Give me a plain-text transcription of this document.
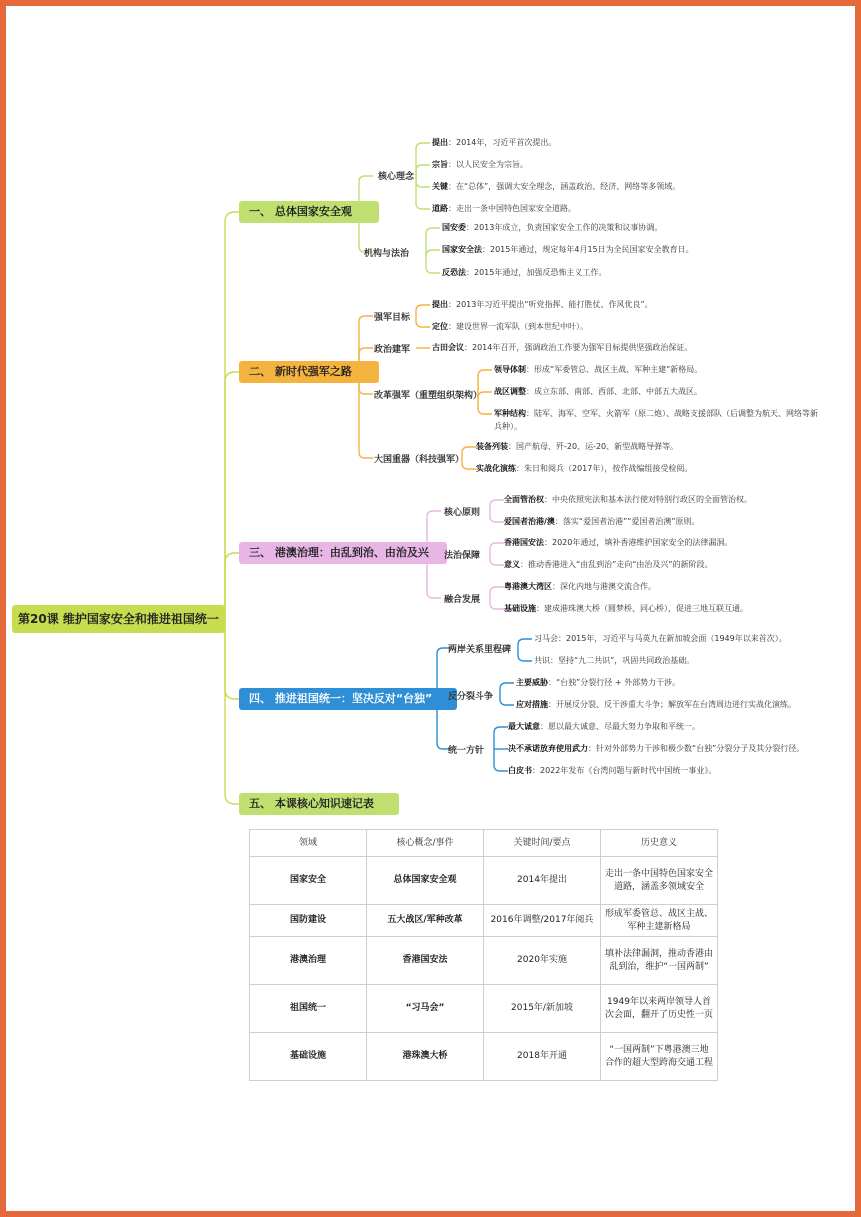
第20课 维护国家安全和推进祖国统一
一、 总体国家安全观
二、 新时代强军之路
三、 港澳治理：由乱到治、由治及兴
四、 推进祖国统一：坚决反对“台独”
五、 本课核心知识速记表
核心理念
提出：2014年，习近平首次提出。
宗旨：以人民安全为宗旨。
关键：在“总体”，强调大安全理念，涵盖政治、经济、网络等多领域。
道路：走出一条中国特色国家安全道路。
机构与法治
国安委：2013年成立，负责国家安全工作的决策和议事协调。
国家安全法：2015年通过，规定每年4月15日为全民国家安全教育日。
反恐法：2015年通过，加强反恐怖主义工作。
强军目标
提出：2013年习近平提出“听党指挥、能打胜仗、作风优良”。
定位：建设世界一流军队（到本世纪中叶）。
政治建军	古田会议：2014年召开，强调政治工作要为强军目标提供坚强政治保证。
改革强军（重塑组织架构）
领导体制：形成“军委管总、战区主战、军种主建”新格局。
战区调整：成立东部、南部、西部、北部、中部五大战区。
军种结构：陆军、海军、空军、火箭军（原二炮）、战略支援部队（后调整为航天、网络等新
兵种）。
大国重器（科技强军）
装备列装：国产航母、歼-20、运-20、新型战略导弹等。
实战化演练：朱日和阅兵（2017年），按作战编组接受检阅。
核心原则
全面管治权：中央依照宪法和基本法行使对特别行政区的全面管治权。
爱国者治港/澳：落实“爱国者治港”“爱国者治澳”原则。
法治保障
香港国安法：2020年通过，填补香港维护国家安全的法律漏洞。
意义：推动香港进入“由乱到治”走向“由治及兴”的新阶段。
融合发展
粤港澳大湾区：深化内地与港澳交流合作。
基础设施：建成港珠澳大桥（圆梦桥、同心桥），促进三地互联互通。
两岸关系里程碑
习马会：2015年，习近平与马英九在新加坡会面（1949年以来首次）。
共识：坚持“九二共识”，巩固共同政治基础。
反分裂斗争
主要威胁：“台独”分裂行径 + 外部势力干涉。
应对措施：开展反分裂、反干涉重大斗争；解放军在台湾周边进行实战化演练。
统一方针
最大诚意：愿以最大诚意、尽最大努力争取和平统一。
决不承诺放弃使用武力：针对外部势力干涉和极少数“台独”分裂分子及其分裂行径。
白皮书：2022年发布《台湾问题与新时代中国统一事业》。
领域	核心概念/事件	关键时间/要点	历史意义
国家安全	总体国家安全观	2014年提出	走出一条中国特色国家安全道路，涵盖多领域安全
国防建设	五大战区/军种改革	2016年调整/2017年阅兵	形成军委管总、战区主战、军种主建新格局
港澳治理	香港国安法	2020年实施	填补法律漏洞，推动香港由乱到治，维护“一国两制”
祖国统一	“习马会”	2015年/新加坡	1949年以来两岸领导人首次会面，翻开了历史性一页
基础设施	港珠澳大桥	2018年开通	“一国两制”下粤港澳三地合作的超大型跨海交通工程
